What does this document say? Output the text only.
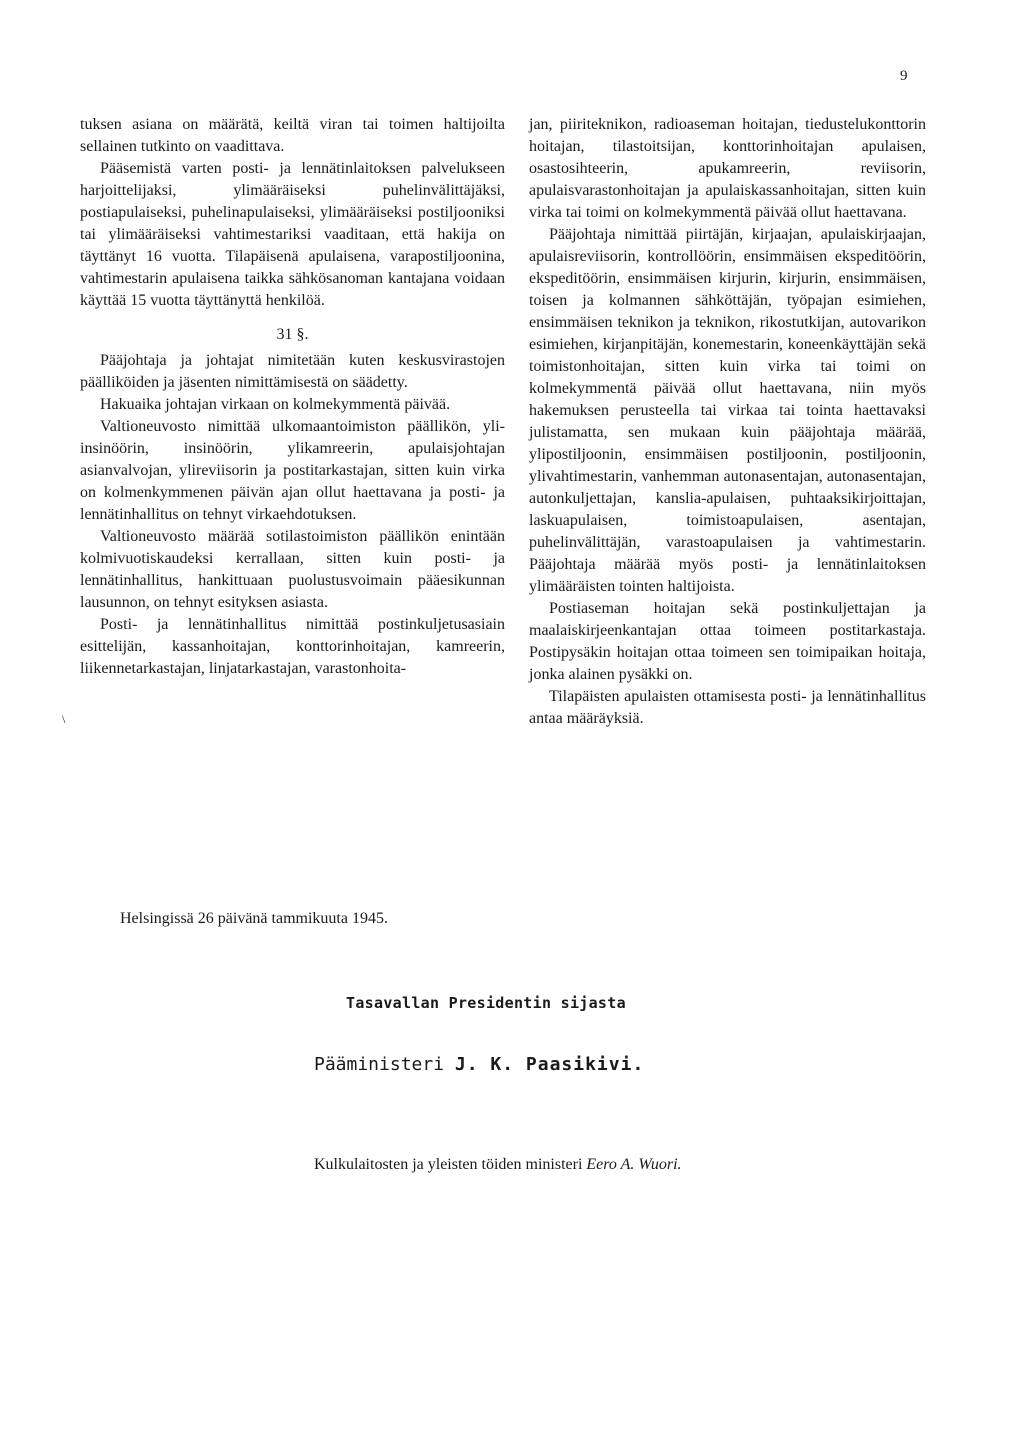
9

tuksen asiana on määrätä, keiltä viran tai toimen haltijoilta sellainen tutkinto on vaadittava.

Pääsemistä varten posti- ja lennätinlaitoksen palvelukseen harjoittelijaksi, ylimääräiseksi puhelinvälittäjäksi, postiapulaiseksi, puhelinapulaiseksi, ylimääräiseksi postiljooniksi tai ylimääräiseksi vahtimestariksi vaaditaan, että hakija on täyttänyt 16 vuotta. Tilapäisenä apulaisena, varapostiljoonina, vahtimestarin apulaisena taikka sähkösanoman kantajana voidaan käyttää 15 vuotta täyttänyttä henkilöä.

31 §.

Pääjohtaja ja johtajat nimitetään kuten keskusvirastojen päälliköiden ja jäsenten nimittämisestä on säädetty.

Hakuaika johtajan virkaan on kolmekymmentä päivää.

Valtioneuvosto nimittää ulkomaantoimiston päällikön, yli-insinöörin, insinöörin, ylikamreerin, apulaisjohtajan asianvalvojan, ylireviisorin ja postitarkastajan, sitten kuin virka on kolmenkymmenen päivän ajan ollut haettavana ja posti- ja lennätinhallitus on tehnyt virkaehdotuksen.

Valtioneuvosto määrää sotilastoimiston päällikön enintään kolmivuotiskaudeksi kerrallaan, sitten kuin posti- ja lennätinhallitus, hankittuaan puolustusvoimain pääesikunnan lausunnon, on tehnyt esityksen asiasta.

Posti- ja lennätinhallitus nimittää postinkuljetusasiain esittelijän, kassanhoitajan, konttorinhoitajan, kamreerin, liikennetarkastajan, linjatarkastajan, varastonhoita-

jan, piiriteknikon, radioaseman hoitajan, tiedustelukonttorin hoitajan, tilastoitsijan, konttorinhoitajan apulaisen, osastosihteerin, apukamreerin, reviisorin, apulaisvarastonhoitajan ja apulaiskassanhoitajan, sitten kuin virka tai toimi on kolmekymmentä päivää ollut haettavana.

Pääjohtaja nimittää piirtäjän, kirjaajan, apulaiskirjaajan, apulaisreviisorin, kontrollöörin, ensimmäisen ekspeditöörin, ekspeditöörin, ensimmäisen kirjurin, kirjurin, ensimmäisen, toisen ja kolmannen sähköttäjän, työpajan esimiehen, ensimmäisen teknikon ja teknikon, rikostutkijan, autovarikon esimiehen, kirjanpitäjän, konemestarin, koneenkäyttäjän sekä toimistonhoitajan, sitten kuin virka tai toimi on kolmekymmentä päivää ollut haettavana, niin myös hakemuksen perusteella tai virkaa tai tointa haettavaksi julistamatta, sen mukaan kuin pääjohtaja määrää, ylipostiljoonin, ensimmäisen postiljoonin, postiljoonin, ylivahtimestarin, vanhemman autonasentajan, autonasentajan, autonkuljettajan, kanslia-apulaisen, puhtaaksikirjoittajan, laskuapulaisen, toimistoapulaisen, asentajan, puhelinvälittäjän, varastoapulaisen ja vahtimestarin. Pääjohtaja määrää myös posti- ja lennätinlaitoksen ylimääräisten tointen haltijoista.

Postiaseman hoitajan sekä postinkuljettajan ja maalaiskirjeenkantajan ottaa toimeen postitarkastaja. Postipysäkin hoitajan ottaa toimeen sen toimipaikan hoitaja, jonka alainen pysäkki on.

Tilapäisten apulaisten ottamisesta posti- ja lennätinhallitus antaa määräyksiä.

\
Helsingissä 26 päivänä tammikuuta 1945.
Tasavallan Presidentin sijasta
Pääministeri J. K. Paasikivi.
Kulkulaitosten ja yleisten töiden ministeri Eero A. Wuori.
